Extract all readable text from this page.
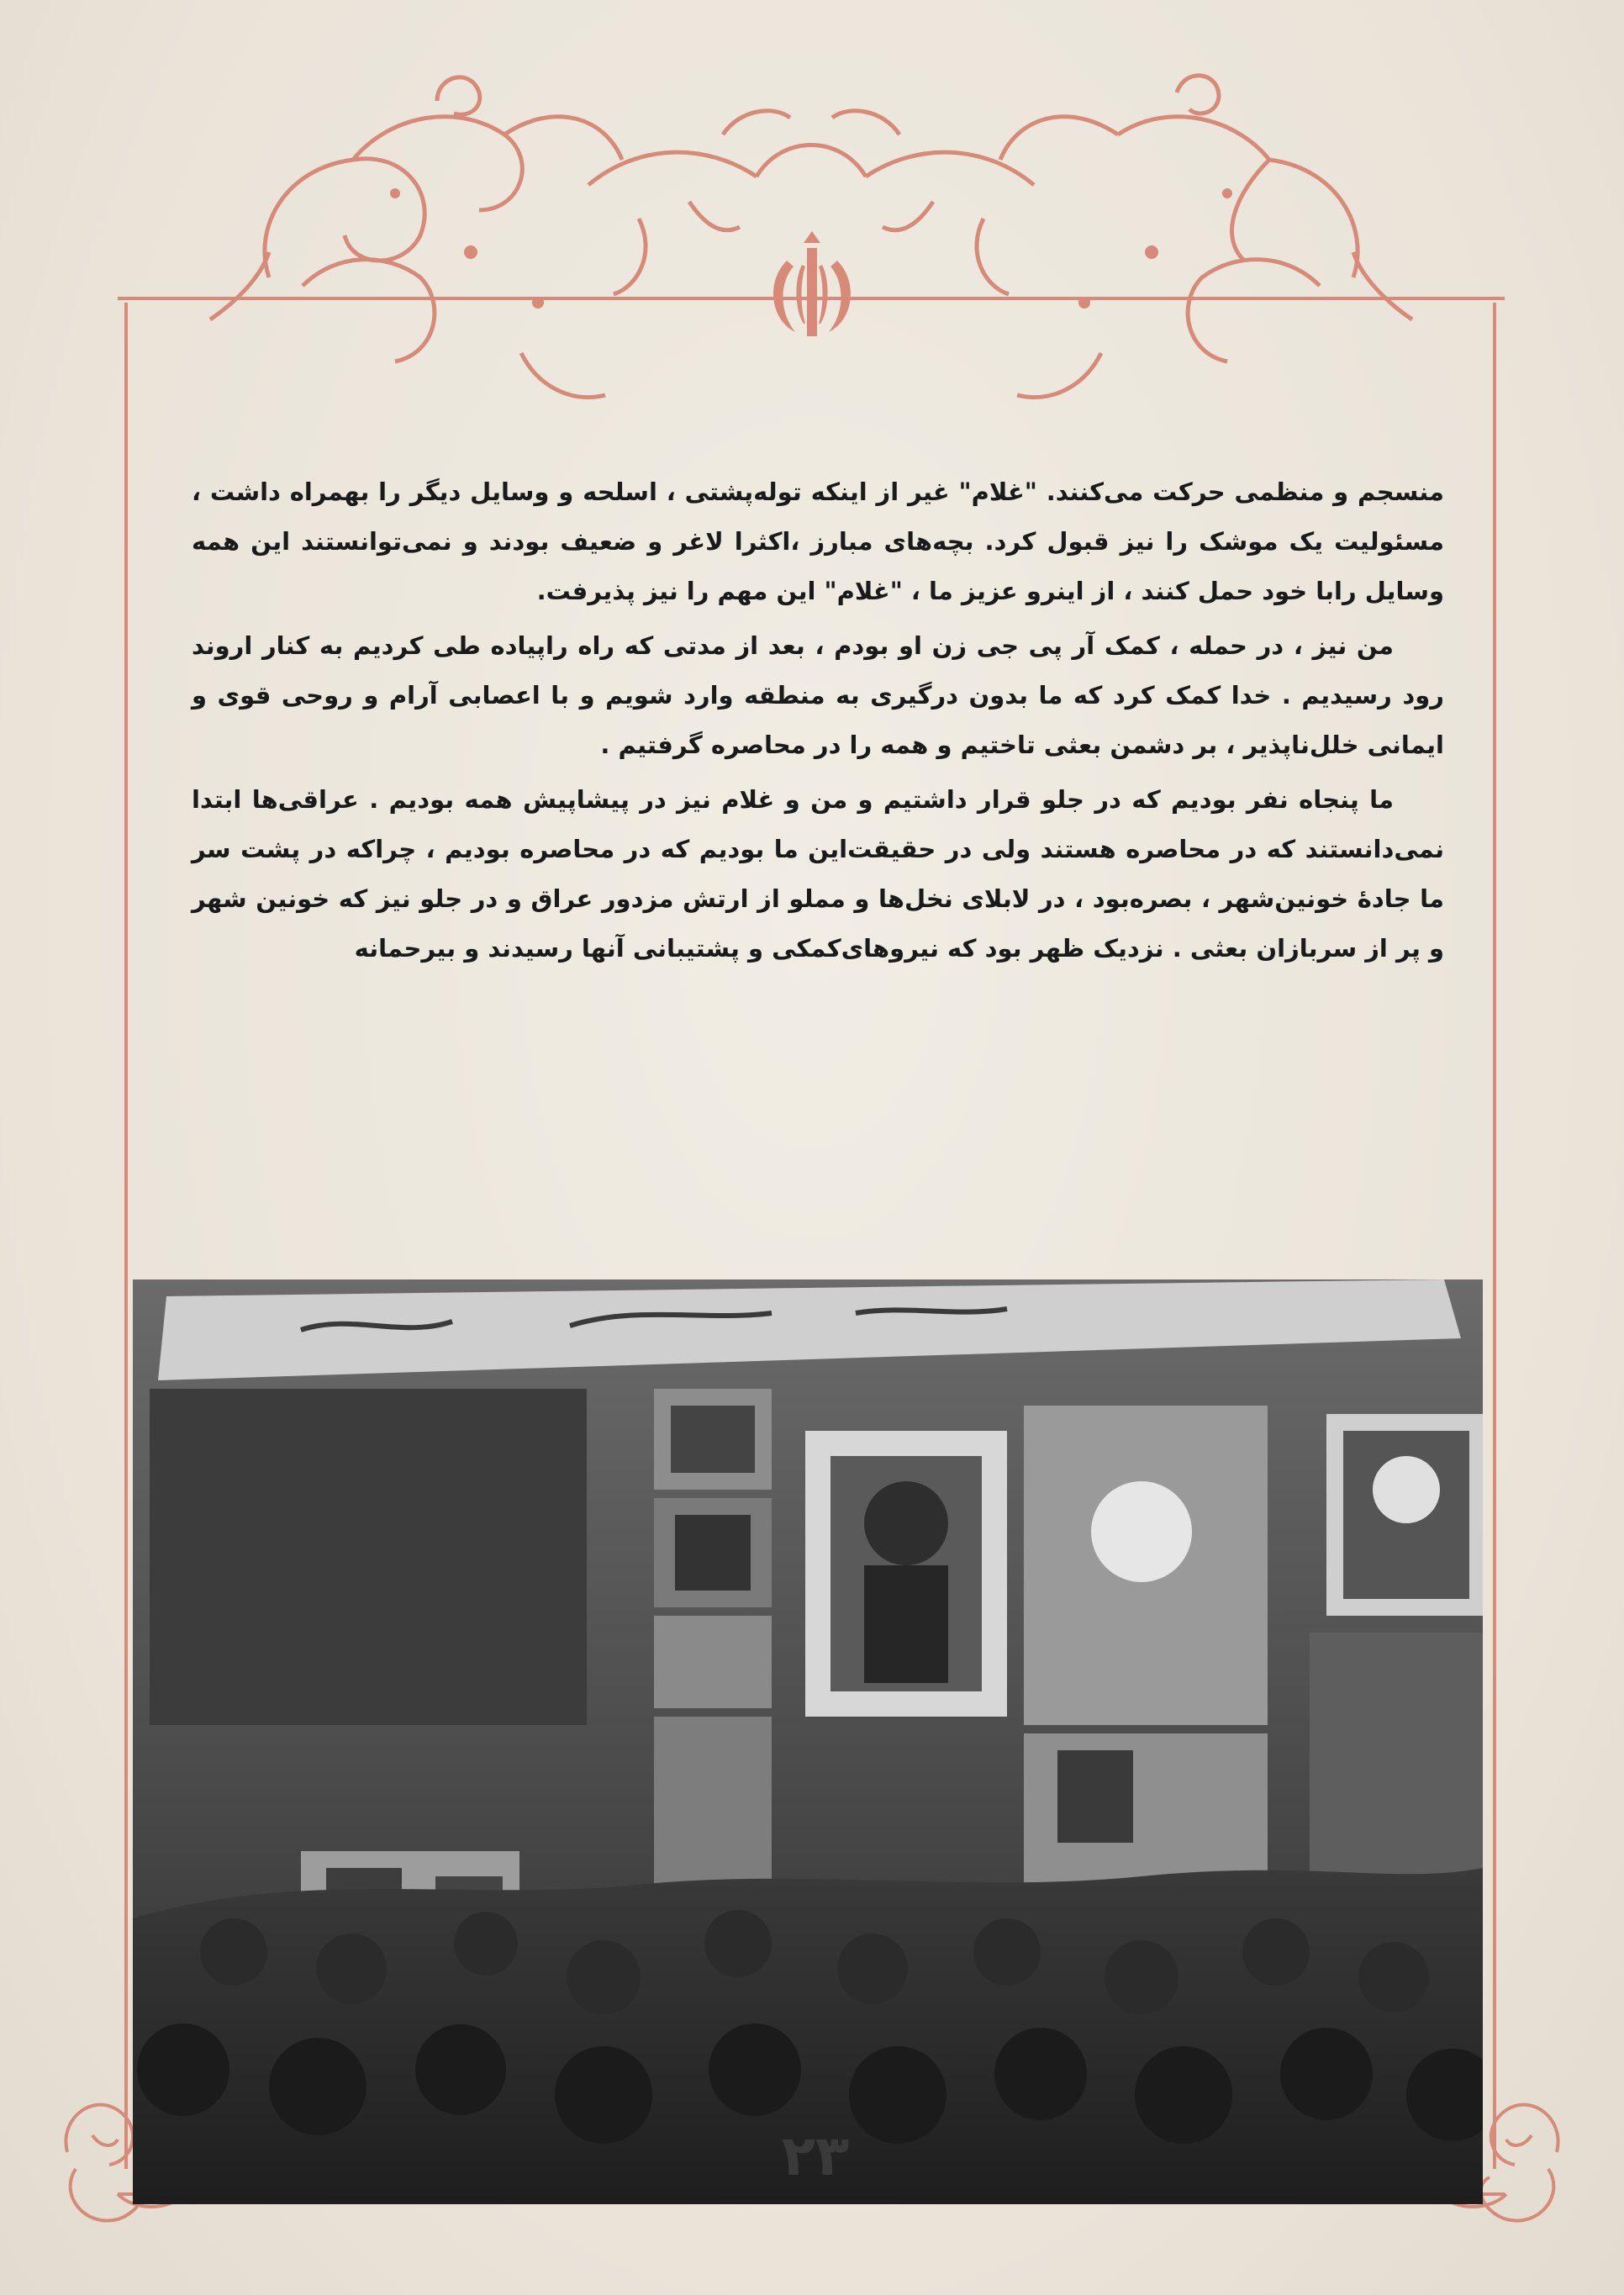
منسجم و منظمی حرکت می‌کنند. "غلام" غیر از اینکه تولەپشتی ، اسلحه و وسایل دیگر را بهمراه داشت ، مسئولیت یک موشک را نیز قبول کرد. بچه‌های مبارز ،اکثرا لاغر و ضعیف بودند و نمی‌توانستند این همه وسایل رابا خود حمل کنند ، از اینرو عزیز ما ، "غلام" این مهم را نیز پذیرفت.

من نیز ، در حمله ، کمک آر پی جی زن او بودم ، بعد از مدتی که راه راپیاده طی کردیم به کنار اروند رود رسیدیم . خدا کمک کرد که ما بدون درگیری به منطقه وارد شویم و با اعصابی آرام و روحی قوی و ایمانی خلل‌ناپذیر ، بر دشمن بعثی تاختیم و همه را در محاصره گرفتیم .

ما پنجاه نفر بودیم که در جلو قرار داشتیم و من و غلام نیز در پیشاپیش همه بودیم . عراقی‌ها ابتدا نمی‌دانستند که در محاصره هستند ولی در حقیقت‌این ما بودیم که در محاصره بودیم ، چراکه در پشت سر ما جادهٔ خونین‌شهر ، بصره‌بود ، در لابلای نخل‌ها و مملو از ارتش مزدور عراق و در جلو نیز که خونین شهر و پر از سربازان بعثی . نزدیک ظهر بود که نیروهای‌کمکی و پشتیبانی آنها رسیدند و بیرحمانه

۲۳
